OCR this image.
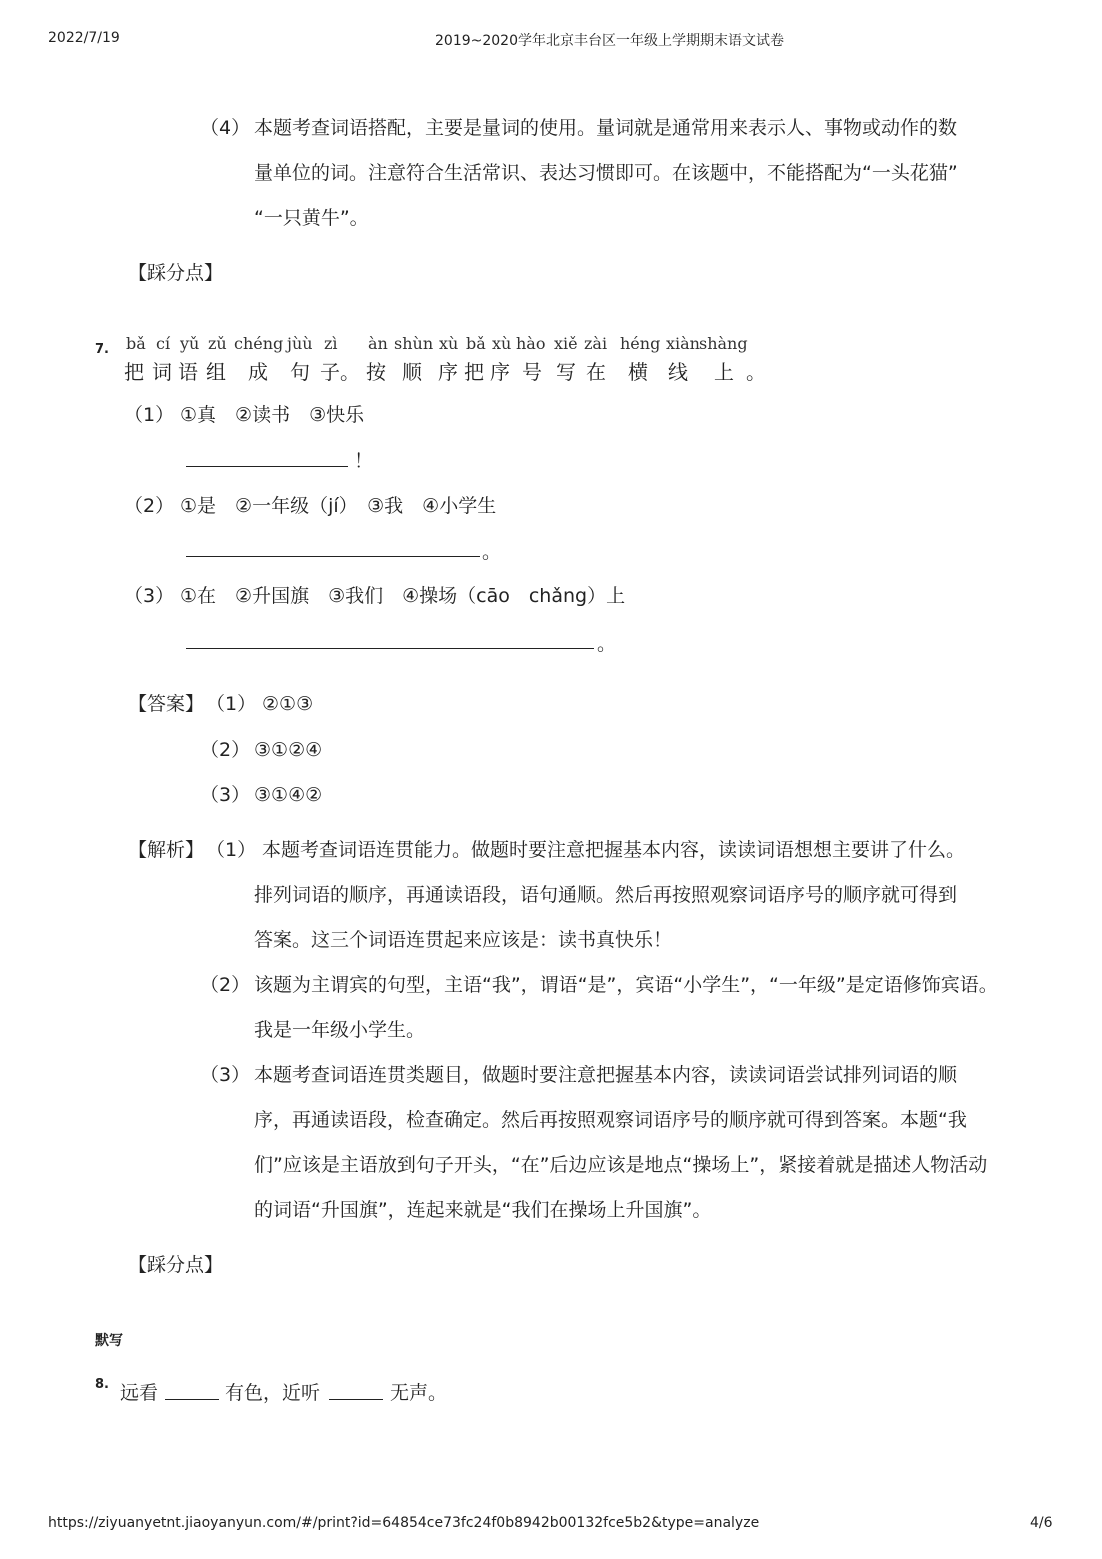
2022/7/19	2019~2020学年北京丰台区一年级上学期期末语文试卷
（4） 本题考查词语搭配，主要是量词的使用。量词就是通常用来表示人、事物或动作的数
量单位的词。注意符合生活常识、表达习惯即可。在该题中，不能搭配为“一头花猫”
“一只黄牛”。
【踩分点】
7. bǎ cí yǔ zǔ chéng jùù zì àn shùn xù bǎ xù hào xiě zài héng xiàn shàng
把 词 语 组 成 句 子。 按 顺 序 把 序 号 写 在 横 线 上 。
（1） ①真　②读书　③快乐
！
（2） ①是　②一年级（jí）　③我　④小学生
。
（3） ①在　②升国旗　③我们　④操场（cāo　chǎng）上
。
【答案】 （1） ②①③
（2） ③①②④
（3） ③①④②
【解析】 （1） 本题考查词语连贯能力。做题时要注意把握基本内容，读读词语想想主要讲了什么。
排列词语的顺序，再通读语段，语句通顺。然后再按照观察词语序号的顺序就可得到
答案。这三个词语连贯起来应该是：读书真快乐！
（2） 该题为主谓宾的句型，主语“我”，谓语“是”，宾语“小学生”，“一年级”是定语修饰宾语。
我是一年级小学生。
（3） 本题考查词语连贯类题目，做题时要注意把握基本内容，读读词语尝试排列词语的顺
序，再通读语段，检查确定。然后再按照观察词语序号的顺序就可得到答案。本题“我
们”应该是主语放到句子开头，“在”后边应该是地点“操场上”，紧接着就是描述人物活动
的词语“升国旗”，连起来就是“我们在操场上升国旗”。
【踩分点】
默写
8. 远看	有色，近听	无声。
https://ziyuanyetnt.jiaoyanyun.com/#/print?id=64854ce73fc24f0b8942b00132fce5b2&type=analyze	4/6
